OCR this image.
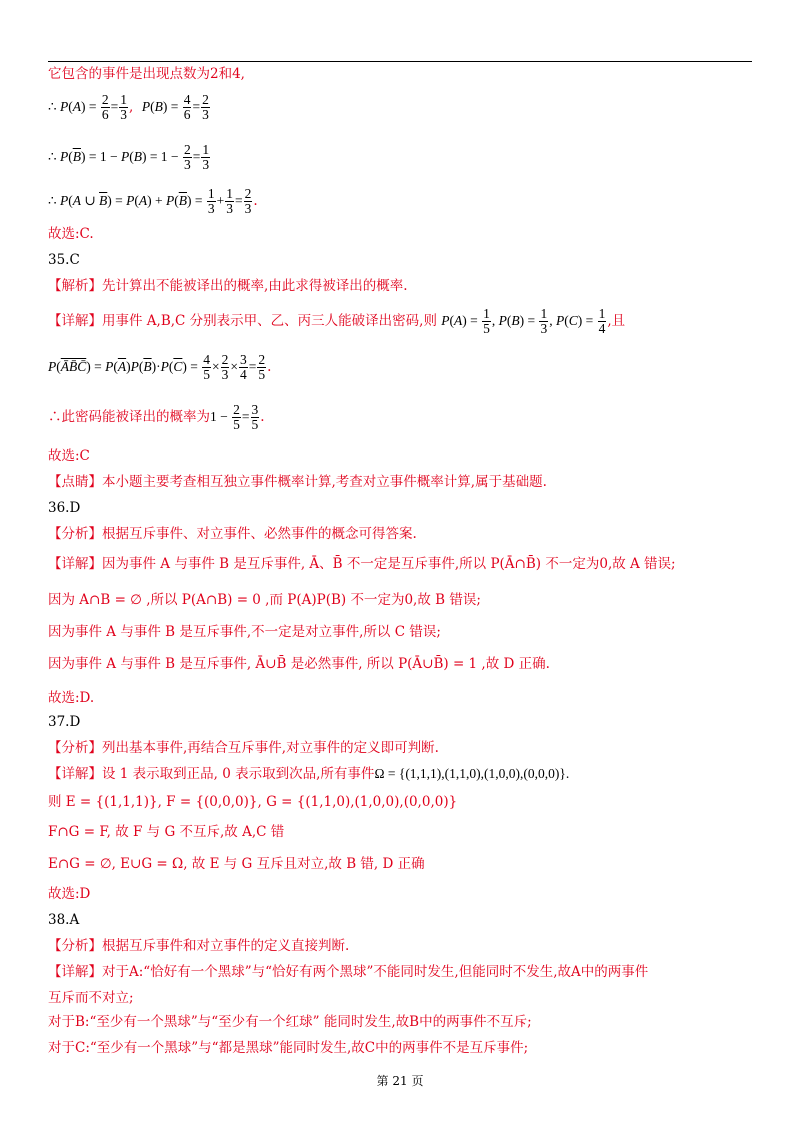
它包含的事件是出现点数为2和4,
∴ $P(A) = \frac{2}{6} = \frac{1}{3}$ ,  $P(B) = \frac{4}{6} = \frac{2}{3}$
∴ $P(\overline{B}) = 1 - P(B) = 1 - \frac{2}{3} = \frac{1}{3}$
∴ P(A ∪ $\overline{B}) = P(A) + P(\overline{B}) = \frac{1}{3} + \frac{1}{3} = \frac{2}{3}$ .
故选:C.
35.C
【解析】先计算出不能被译出的概率,由此求得被译出的概率.
【详解】用事件 A,B,C 分别表示甲、乙、丙三人能破译出密码,则 $P(A) = \frac{1}{5}$ , $P(B) = \frac{1}{3}$ , $P(C) = \frac{1}{4}$ ,且
P(ĀB̄C̄) = $P(\overline{A})P(\overline{B})\cdot P(\overline{C}) = \frac{4}{5} \times \frac{2}{3} \times \frac{3}{4} = \frac{2}{5}$ .
∴此密码能被译出的概率为$1 - \frac{2}{5} = \frac{3}{5}$ .
故选:C
【点睛】本小题主要考查相互独立事件概率计算,考查对立事件概率计算,属于基础题.
36.D
【分析】根据互斥事件、对立事件、必然事件的概念可得答案.
【详解】因为事件 A 与事件 B 是互斥事件, Ā、B̄ 不一定是互斥事件,所以 P(Ā∩B̄) 不一定为0,故 A 错误;
因为 A∩B = ∅ ,所以 P(A∩B) = 0 ,而 P(A)P(B) 不一定为0,故 B 错误;
因为事件 A 与事件 B 是互斥事件,不一定是对立事件,所以 C 错误;
因为事件 A 与事件 B 是互斥事件, Ā∪B̄ 是必然事件, 所以 P(Ā∪B̄) = 1 ,故 D 正确.
故选:D.
37.D
【分析】列出基本事件,再结合互斥事件,对立事件的定义即可判断.
【详解】设 1 表示取到正品, 0 表示取到次品,所有事件Ω = {(1,1,1),(1,1,0),(1,0,0),(0,0,0)}.
则 E = {(1,1,1)}, F = {(0,0,0)}, G = {(1,1,0),(1,0,0),(0,0,0)}
F∩G = F, 故 F 与 G 不互斥,故 A,C 错
E∩G = ∅, E∪G = Ω, 故 E 与 G 互斥且对立,故 B 错, D 正确
故选:D
38.A
【分析】根据互斥事件和对立事件的定义直接判断.
【详解】对于A:“恰好有一个黑球”与“恰好有两个黑球”不能同时发生,但能同时不发生,故A中的两事件
互斥而不对立;
对于B:“至少有一个黑球”与“至少有一个红球” 能同时发生,故B中的两事件不互斥;
对于C:“至少有一个黑球”与“都是黑球”能同时发生,故C中的两事件不是互斥事件;
第 21 页
